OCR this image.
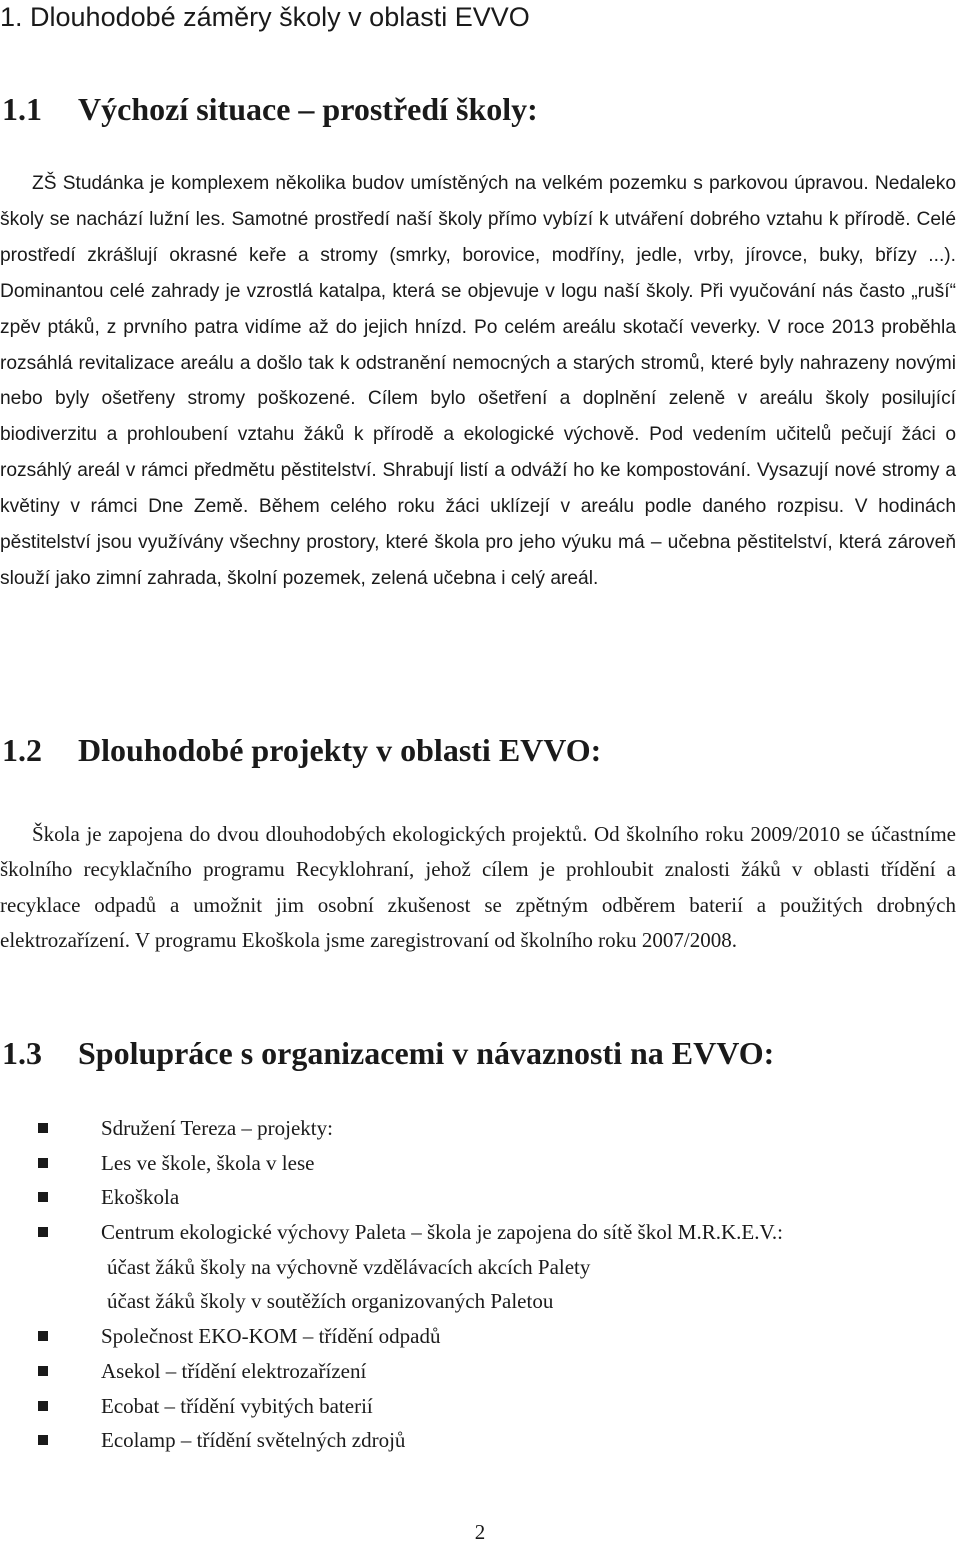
1. Dlouhodobé záměry školy v oblasti EVVO
1.1 Výchozí situace – prostředí školy:

ZŠ Studánka je komplexem několika budov umístěných na velkém pozemku s parkovou úpravou. Nedaleko školy se nachází lužní les. Samotné prostředí naší školy přímo vybízí k utváření dobrého vztahu k přírodě. Celé prostředí zkrášlují okrasné keře a stromy (smrky, borovice, modříny, jedle, vrby, jírovce, buky, břízy ...). Dominantou celé zahrady je vzrostlá katalpa, která se objevuje v logu naší školy. Při vyučování nás často „ruší“ zpěv ptáků, z prvního patra vidíme až do jejich hnízd. Po celém areálu skotačí veverky. V roce 2013 proběhla rozsáhlá revitalizace areálu a došlo tak k odstranění nemocných a starých stromů, které byly nahrazeny novými nebo byly ošetřeny stromy poškozené. Cílem bylo ošetření a doplnění zeleně v areálu školy posilující biodiverzitu a prohloubení vztahu žáků k přírodě a ekologické výchově. Pod vedením učitelů pečují žáci o rozsáhlý areál v rámci předmětu pěstitelství. Shrabují listí a odváží ho ke kompostování. Vysazují nové stromy a květiny v rámci Dne Země. Během celého roku žáci uklízejí v areálu podle daného rozpisu. V hodinách pěstitelství jsou využívány všechny prostory, které škola pro jeho výuku má – učebna pěstitelství, která zároveň slouží jako zimní zahrada, školní pozemek, zelená učebna i celý areál.

1.2 Dlouhodobé projekty v oblasti EVVO:

Škola je zapojena do dvou dlouhodobých ekologických projektů. Od školního roku 2009/2010 se účastníme školního recyklačního programu Recyklohraní, jehož cílem je prohloubit znalosti žáků v oblasti třídění a recyklace odpadů a umožnit jim osobní zkušenost se zpětným odběrem baterií a použitých drobných elektrozařízení. V programu Ekoškola jsme zaregistrovaní od školního roku 2007/2008.

1.3 Spolupráce s organizacemi v návaznosti na EVVO:
Sdružení Tereza – projekty:
Les ve škole, škola v lese
Ekoškola
Centrum ekologické výchovy Paleta – škola je zapojena do sítě škol M.R.K.E.V.:
účast žáků školy na výchovně vzdělávacích akcích Palety
účast žáků školy v soutěžích organizovaných Paletou
Společnost EKO-KOM – třídění odpadů
Asekol – třídění elektrozařízení
Ecobat – třídění vybitých baterií
Ecolamp – třídění světelných zdrojů
2
